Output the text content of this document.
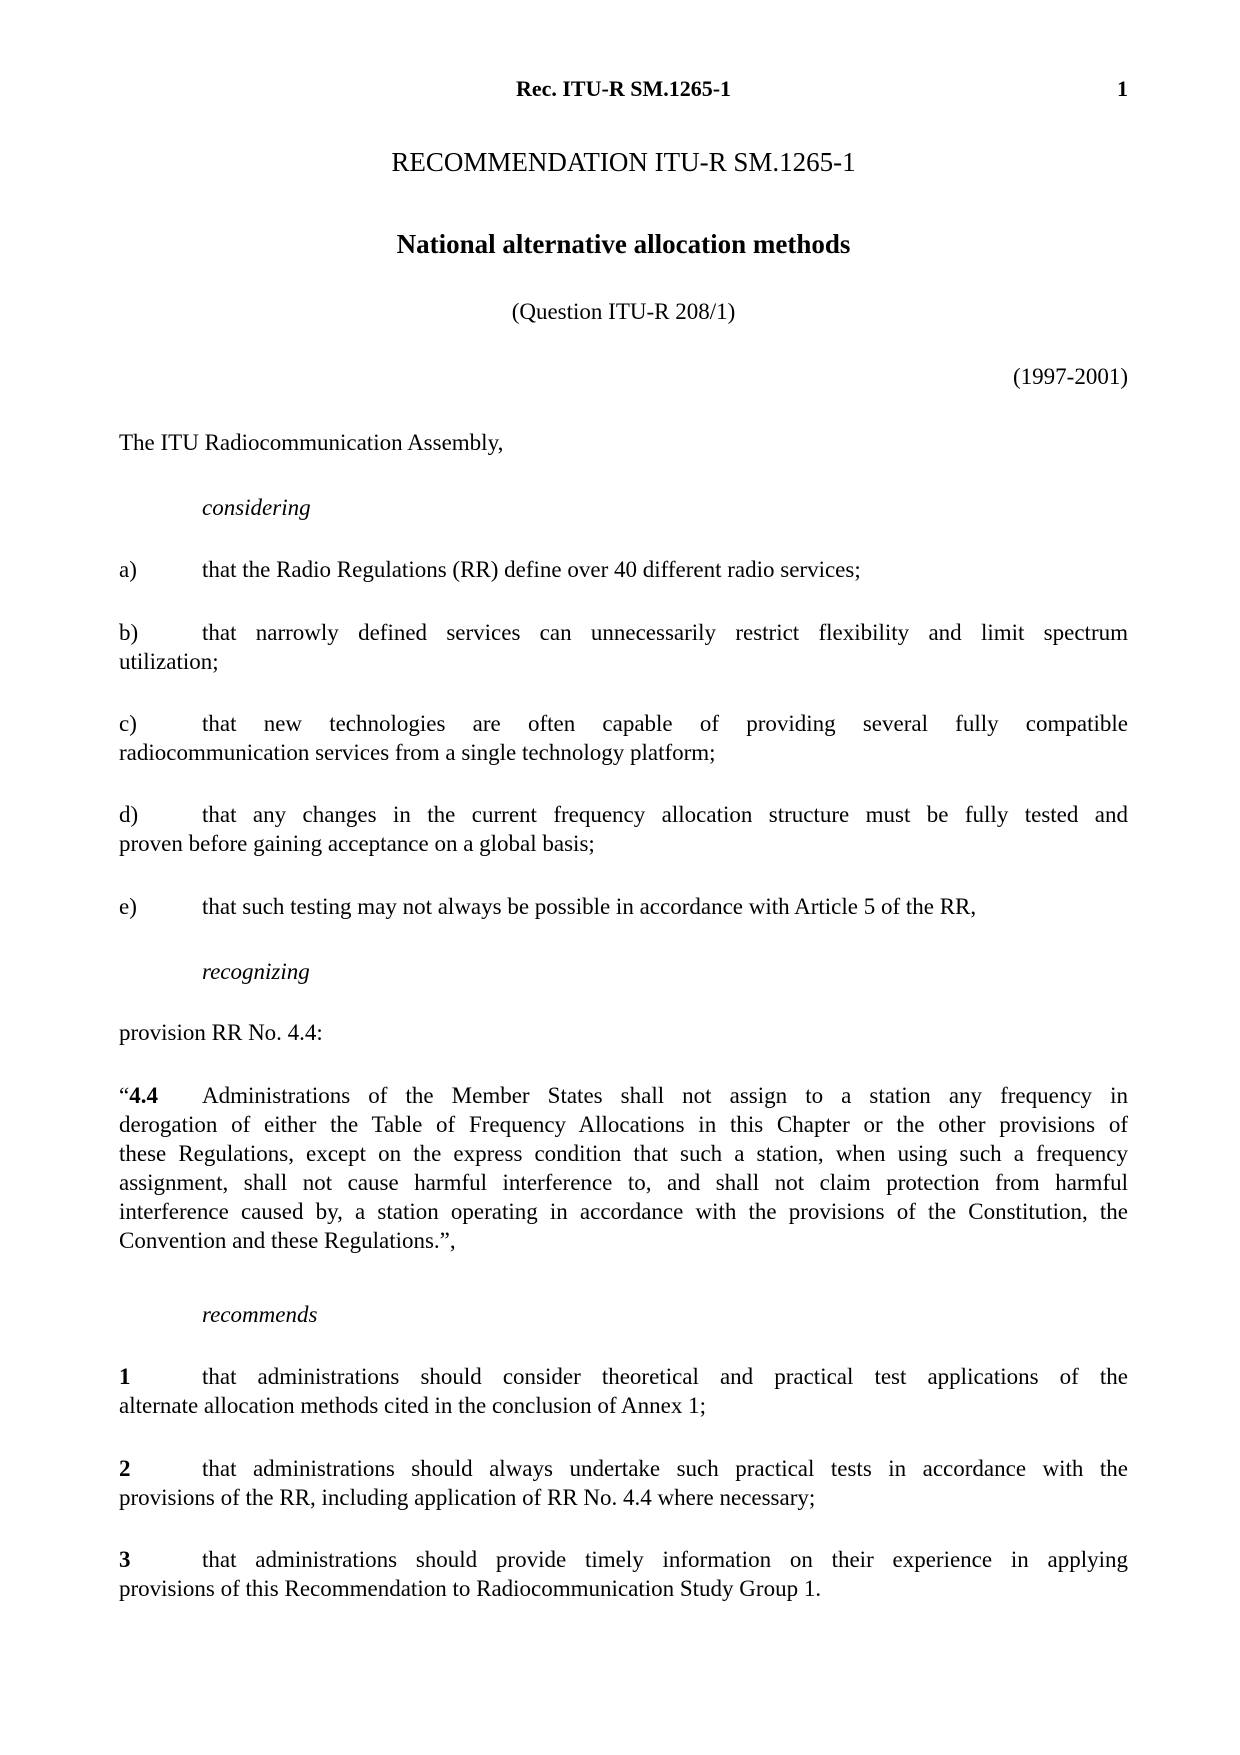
Rec. ITU-R SM.1265-1	1
RECOMMENDATION ITU-R SM.1265-1
National alternative allocation methods
(Question ITU-R 208/1)
(1997-2001)
The ITU Radiocommunication Assembly,
considering
a)	that the Radio Regulations (RR) define over 40 different radio services;
b)	that narrowly defined services can unnecessarily restrict flexibility and limit spectrum
utilization;
c)	that new technologies are often capable of providing several fully compatible
radiocommunication services from a single technology platform;
d)	that any changes in the current frequency allocation structure must be fully tested and
proven before gaining acceptance on a global basis;
e)	that such testing may not always be possible in accordance with Article 5 of the RR,
recognizing
provision RR No. 4.4:
“4.4 Administrations of the Member States shall not assign to a station any frequency in
derogation of either the Table of Frequency Allocations in this Chapter or the other provisions of
these Regulations, except on the express condition that such a station, when using such a frequency
assignment, shall not cause harmful interference to, and shall not claim protection from harmful
interference caused by, a station operating in accordance with the provisions of the Constitution, the
Convention and these Regulations.”,
recommends
1	that administrations should consider theoretical and practical test applications of the
alternate allocation methods cited in the conclusion of Annex 1;
2	that administrations should always undertake such practical tests in accordance with the
provisions of the RR, including application of RR No. 4.4 where necessary;
3	that administrations should provide timely information on their experience in applying
provisions of this Recommendation to Radiocommunication Study Group 1.
